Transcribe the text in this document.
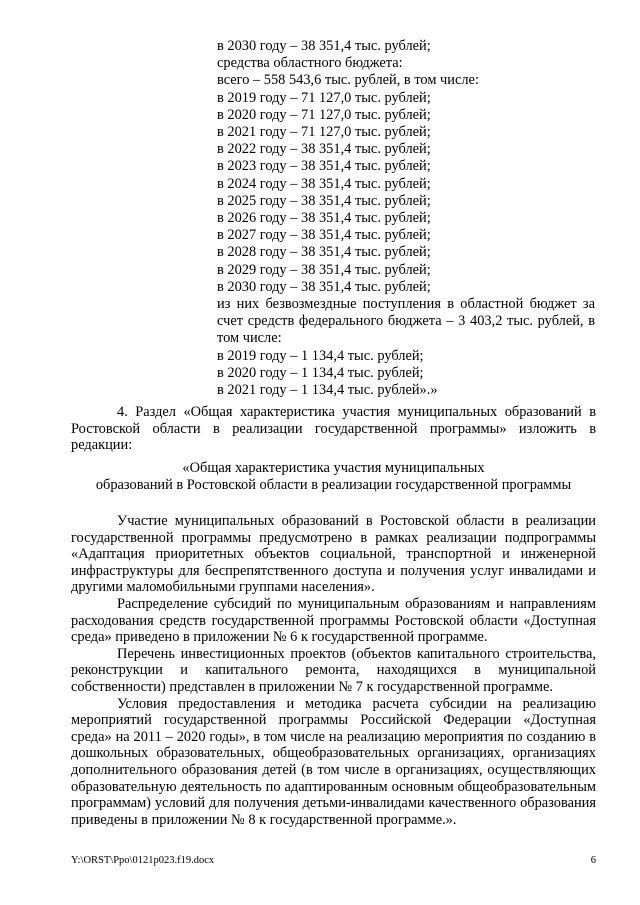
в 2030 году – 38 351,4 тыс. рублей;
средства областного бюджета:
всего – 558 543,6 тыс. рублей, в том числе:
в 2019 году – 71 127,0 тыс. рублей;
в 2020 году – 71 127,0 тыс. рублей;
в 2021 году – 71 127,0 тыс. рублей;
в 2022 году – 38 351,4 тыс. рублей;
в 2023 году – 38 351,4 тыс. рублей;
в 2024 году – 38 351,4 тыс. рублей;
в 2025 году – 38 351,4 тыс. рублей;
в 2026 году – 38 351,4 тыс. рублей;
в 2027 году – 38 351,4 тыс. рублей;
в 2028 году – 38 351,4 тыс. рублей;
в 2029 году – 38 351,4 тыс. рублей;
в 2030 году – 38 351,4 тыс. рублей;
из них безвозмездные поступления в областной бюджет за счет средств федерального бюджета – 3 403,2 тыс. рублей, в том числе:
в 2019 году – 1 134,4 тыс. рублей;
в 2020 году – 1 134,4 тыс. рублей;
в 2021 году – 1 134,4 тыс. рублей».»

4. Раздел «Общая характеристика участия муниципальных образований в Ростовской области в реализации государственной программы» изложить в редакции:

«Общая характеристика участия муниципальных

образований в Ростовской области в реализации государственной программы

Участие муниципальных образований в Ростовской области в реализации государственной программы предусмотрено в рамках реализации подпрограммы «Адаптация приоритетных объектов социальной, транспортной и инженерной инфраструктуры для беспрепятственного доступа и получения услуг инвалидами и другими маломобильными группами населения».

Распределение субсидий по муниципальным образованиям и направлениям расходования средств государственной программы Ростовской области «Доступная среда» приведено в приложении № 6 к государственной программе.

Перечень инвестиционных проектов (объектов капитального строительства, реконструкции и капитального ремонта, находящихся в муниципальной собственности) представлен в приложении № 7 к государственной программе.

Условия предоставления и методика расчета субсидии на реализацию мероприятий государственной программы Российской Федерации «Доступная среда» на 2011 – 2020 годы», в том числе на реализацию мероприятия по созданию в дошкольных образовательных, общеобразовательных организациях, организациях дополнительного образования детей (в том числе в организациях, осуществляющих образовательную деятельность по адаптированным основным общеобразовательным программам) условий для получения детьми-инвалидами качественного образования приведены в приложении № 8 к государственной программе.».

Y:\ORST\Ppo\0121p023.f19.docx	6
